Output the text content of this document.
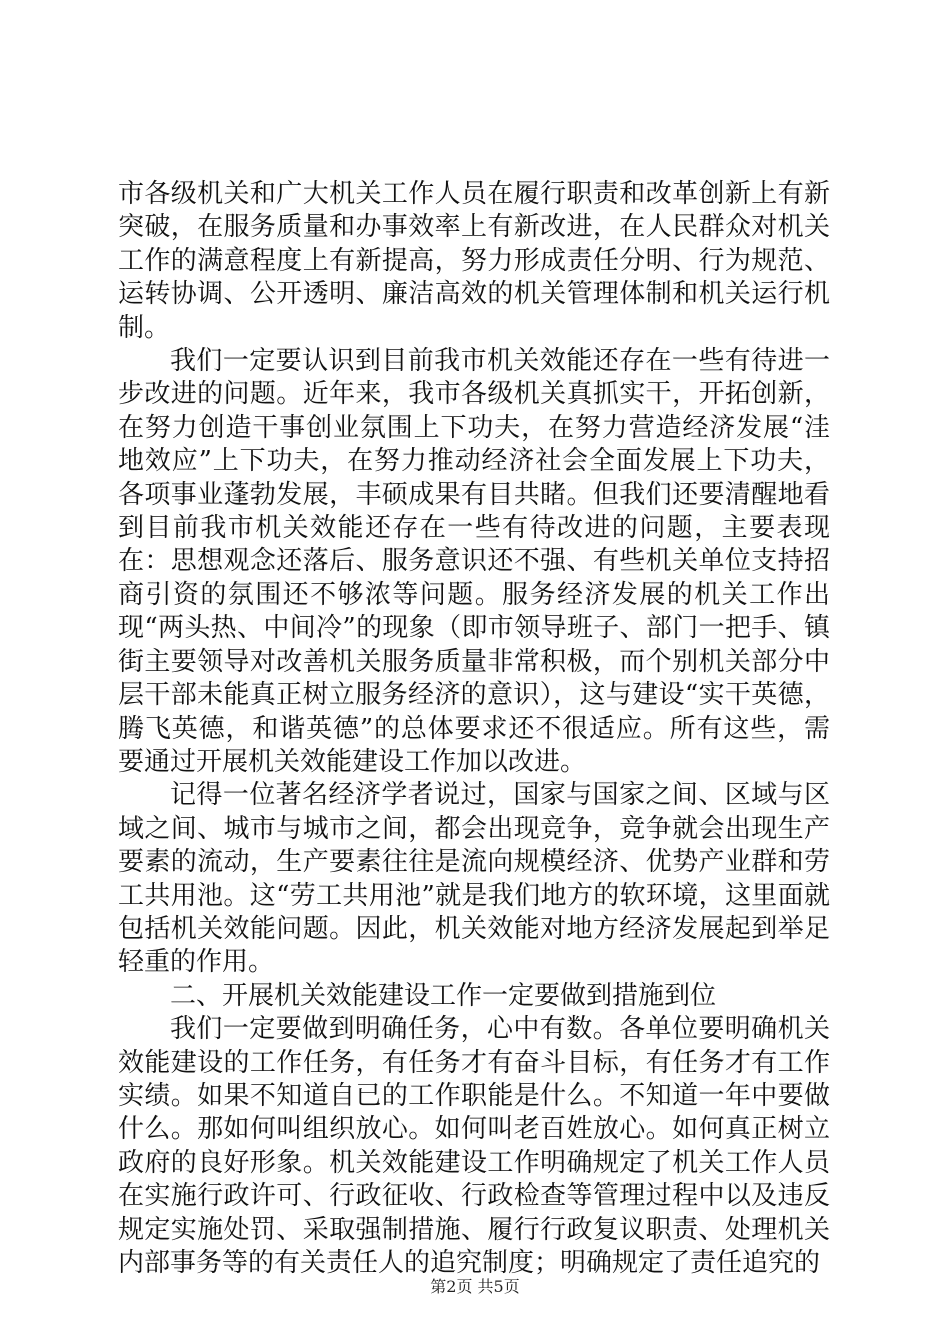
市各级机关和广大机关工作人员在履行职责和改革创新上有新突破，在服务质量和办事效率上有新改进，在人民群众对机关工作的满意程度上有新提高，努力形成责任分明、行为规范、运转协调、公开透明、廉洁高效的机关管理体制和机关运行机制。

我们一定要认识到目前我市机关效能还存在一些有待进一步改进的问题。近年来，我市各级机关真抓实干，开拓创新，在努力创造干事创业氛围上下功夫，在努力营造经济发展“洼地效应”上下功夫，在努力推动经济社会全面发展上下功夫，各项事业蓬勃发展，丰硕成果有目共睹。但我们还要清醒地看到目前我市机关效能还存在一些有待改进的问题，主要表现在：思想观念还落后、服务意识还不强、有些机关单位支持招商引资的氛围还不够浓等问题。服务经济发展的机关工作出现“两头热、中间冷”的现象（即市领导班子、部门一把手、镇街主要领导对改善机关服务质量非常积极，而个别机关部分中层干部未能真正树立服务经济的意识），这与建设“实干英德，腾飞英德，和谐英德”的总体要求还不很适应。所有这些，需要通过开展机关效能建设工作加以改进。

记得一位著名经济学者说过，国家与国家之间、区域与区域之间、城市与城市之间，都会出现竞争，竞争就会出现生产要素的流动，生产要素往往是流向规模经济、优势产业群和劳工共用池。这“劳工共用池”就是我们地方的软环境，这里面就包括机关效能问题。因此，机关效能对地方经济发展起到举足轻重的作用。

二、开展机关效能建设工作一定要做到措施到位

我们一定要做到明确任务，心中有数。各单位要明确机关效能建设的工作任务，有任务才有奋斗目标，有任务才有工作实绩。如果不知道自已的工作职能是什么。不知道一年中要做什么。那如何叫组织放心。如何叫老百姓放心。如何真正树立政府的良好形象。机关效能建设工作明确规定了机关工作人员在实施行政许可、行政征收、行政检查等管理过程中以及违反规定实施处罚、采取强制措施、履行行政复议职责、处理机关内部事务等的有关责任人的追究制度；明确规定了责任追究的

第2页 共5页
